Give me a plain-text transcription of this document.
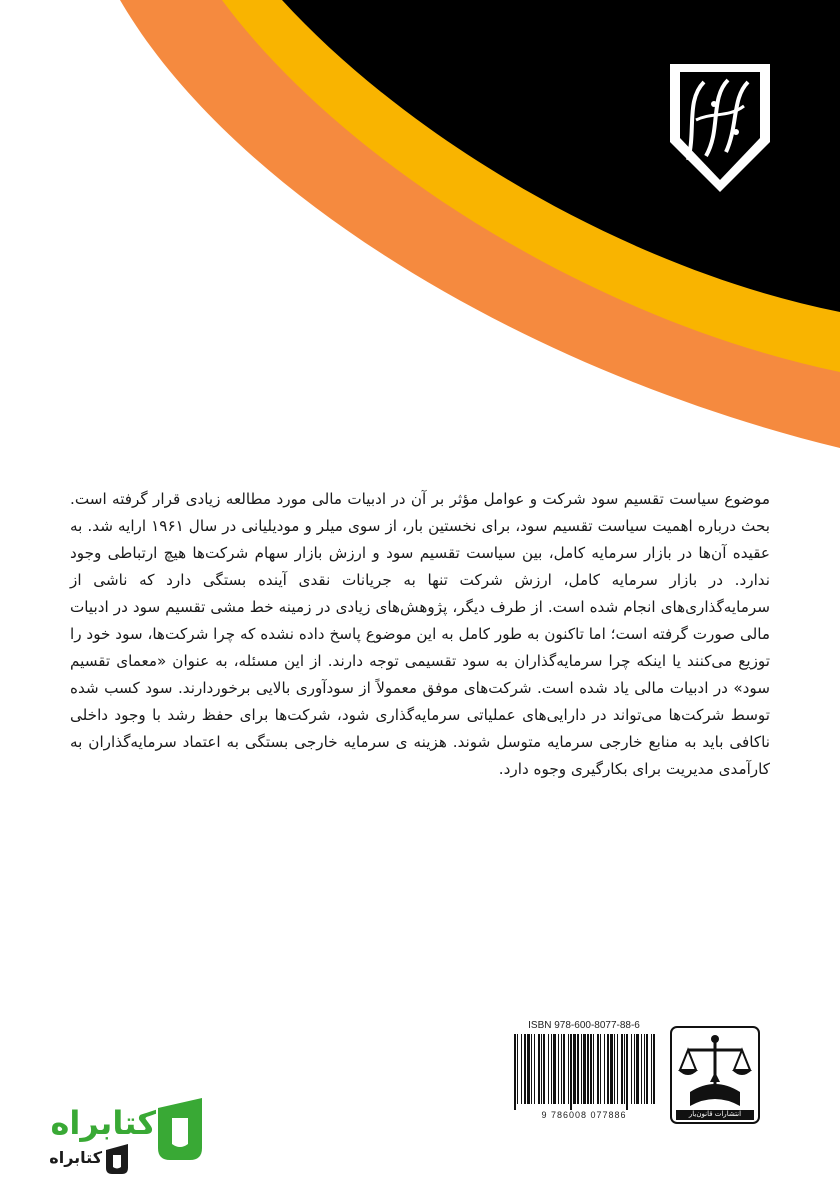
موضوع سیاست تقسیم سود شرکت و عوامل مؤثر بر آن در ادبیات مالی مورد مطالعه زیادی قرار گرفته است. بحث درباره اهمیت سیاست تقسیم سود، برای نخستین بار، از سوی میلر و مودیلیانی در سال ۱۹۶۱ ارایه شد. به عقیده آن‌ها در بازار سرمایه کامل، بین سیاست تقسیم سود و ارزش بازار سهام شرکت‌ها هیچ ارتباطی وجود ندارد. در بازار سرمایه کامل، ارزش شرکت تنها به جریانات نقدی آینده بستگی دارد که ناشی از سرمایه‌گذاری‌های انجام شده است. از طرف دیگر، پژوهش‌های زیادی در زمینه خط مشی تقسیم سود در ادبیات مالی صورت گرفته است؛ اما تاکنون به طور کامل به این موضوع پاسخ داده نشده که چرا شرکت‌ها، سود خود را توزیع می‌کنند یا اینکه چرا سرمایه‌گذاران به سود تقسیمی توجه دارند. از این مسئله، به عنوان «معمای تقسیم سود» در ادبیات مالی یاد شده است. شرکت‌های موفق معمولاً از سودآوری بالایی برخوردارند. سود کسب شده توسط شرکت‌ها می‌تواند در دارایی‌های عملیاتی سرمایه‌گذاری شود، شرکت‌ها برای حفظ رشد با وجود داخلی ناکافی باید به منابع خارجی سرمایه متوسل شوند. هزینه ی سرمایه خارجی بستگی به اعتماد سرمایه‌گذاران به کارآمدی مدیریت برای بکارگیری وجوه دارد.

ISBN 978-600-8077-88-6
9 786008 077886	انتشارات قانون‌یار
کتابراه
کتابراه
